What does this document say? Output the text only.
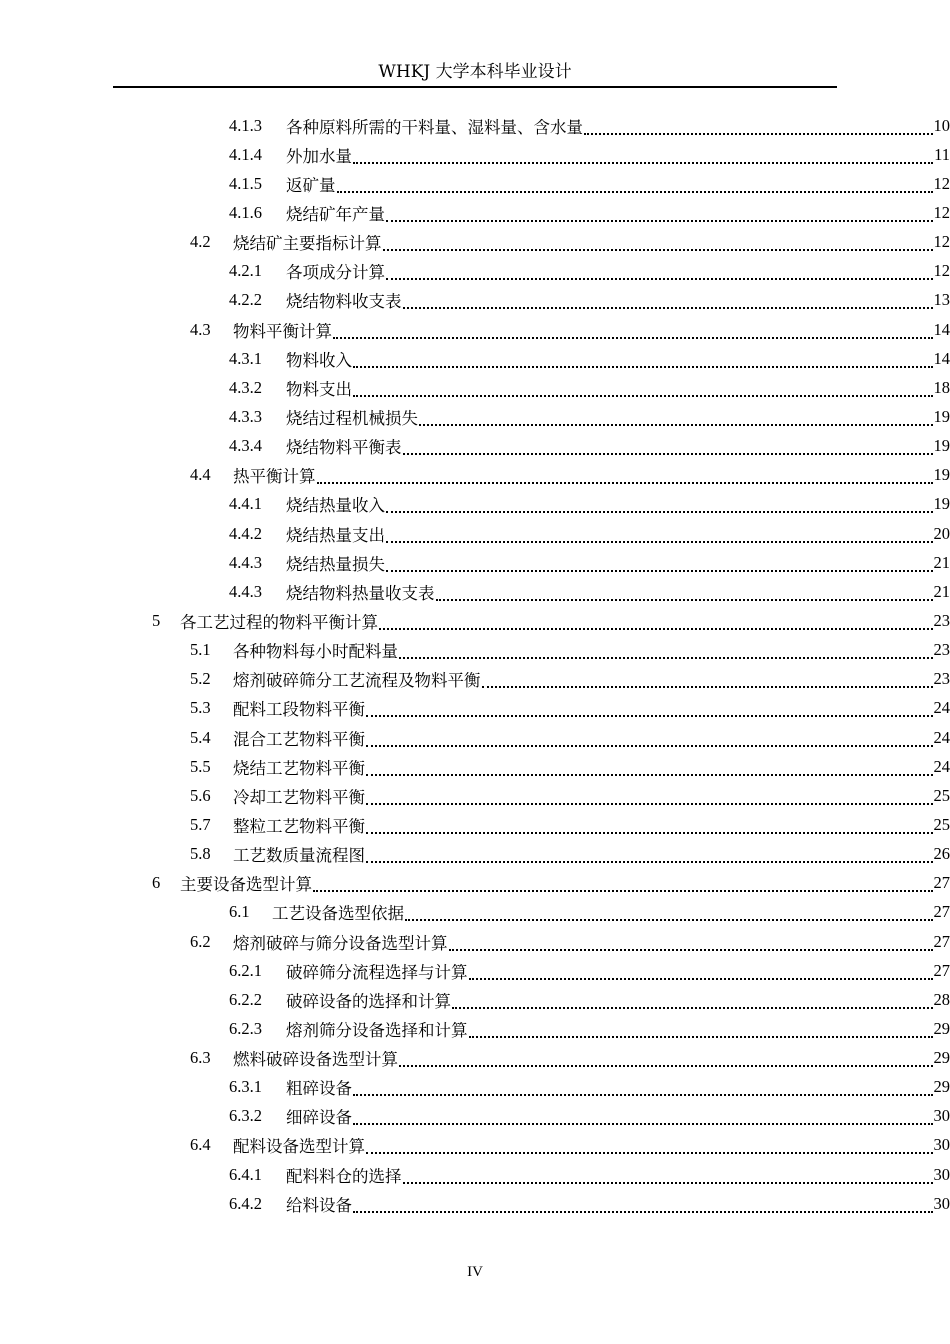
WHKJ 大学本科毕业设计
4.1.3	各种原料所需的干料量、湿料量、含水量	10
4.1.4	外加水量	11
4.1.5	返矿量	12
4.1.6	烧结矿年产量	12
4.2	烧结矿主要指标计算	12
4.2.1	各项成分计算	12
4.2.2	烧结物料收支表	13
4.3	物料平衡计算	14
4.3.1	物料收入	14
4.3.2	物料支出	18
4.3.3	烧结过程机械损失	19
4.3.4	烧结物料平衡表	19
4.4	热平衡计算	19
4.4.1	烧结热量收入	19
4.4.2	烧结热量支出	20
4.4.3	烧结热量损失	21
4.4.3	烧结物料热量收支表	21
5	各工艺过程的物料平衡计算	23
5.1	各种物料每小时配料量	23
5.2	熔剂破碎筛分工艺流程及物料平衡	23
5.3	配料工段物料平衡	24
5.4	混合工艺物料平衡	24
5.5	烧结工艺物料平衡	24
5.6	冷却工艺物料平衡	25
5.7	整粒工艺物料平衡	25
5.8	工艺数质量流程图	26
6	主要设备选型计算	27
6.1	工艺设备选型依据	27
6.2	熔剂破碎与筛分设备选型计算	27
6.2.1	破碎筛分流程选择与计算	27
6.2.2	破碎设备的选择和计算	28
6.2.3	熔剂筛分设备选择和计算	29
6.3	燃料破碎设备选型计算	29
6.3.1	粗碎设备	29
6.3.2	细碎设备	30
6.4	配料设备选型计算	30
6.4.1	配料料仓的选择	30
6.4.2	给料设备	30
IV
